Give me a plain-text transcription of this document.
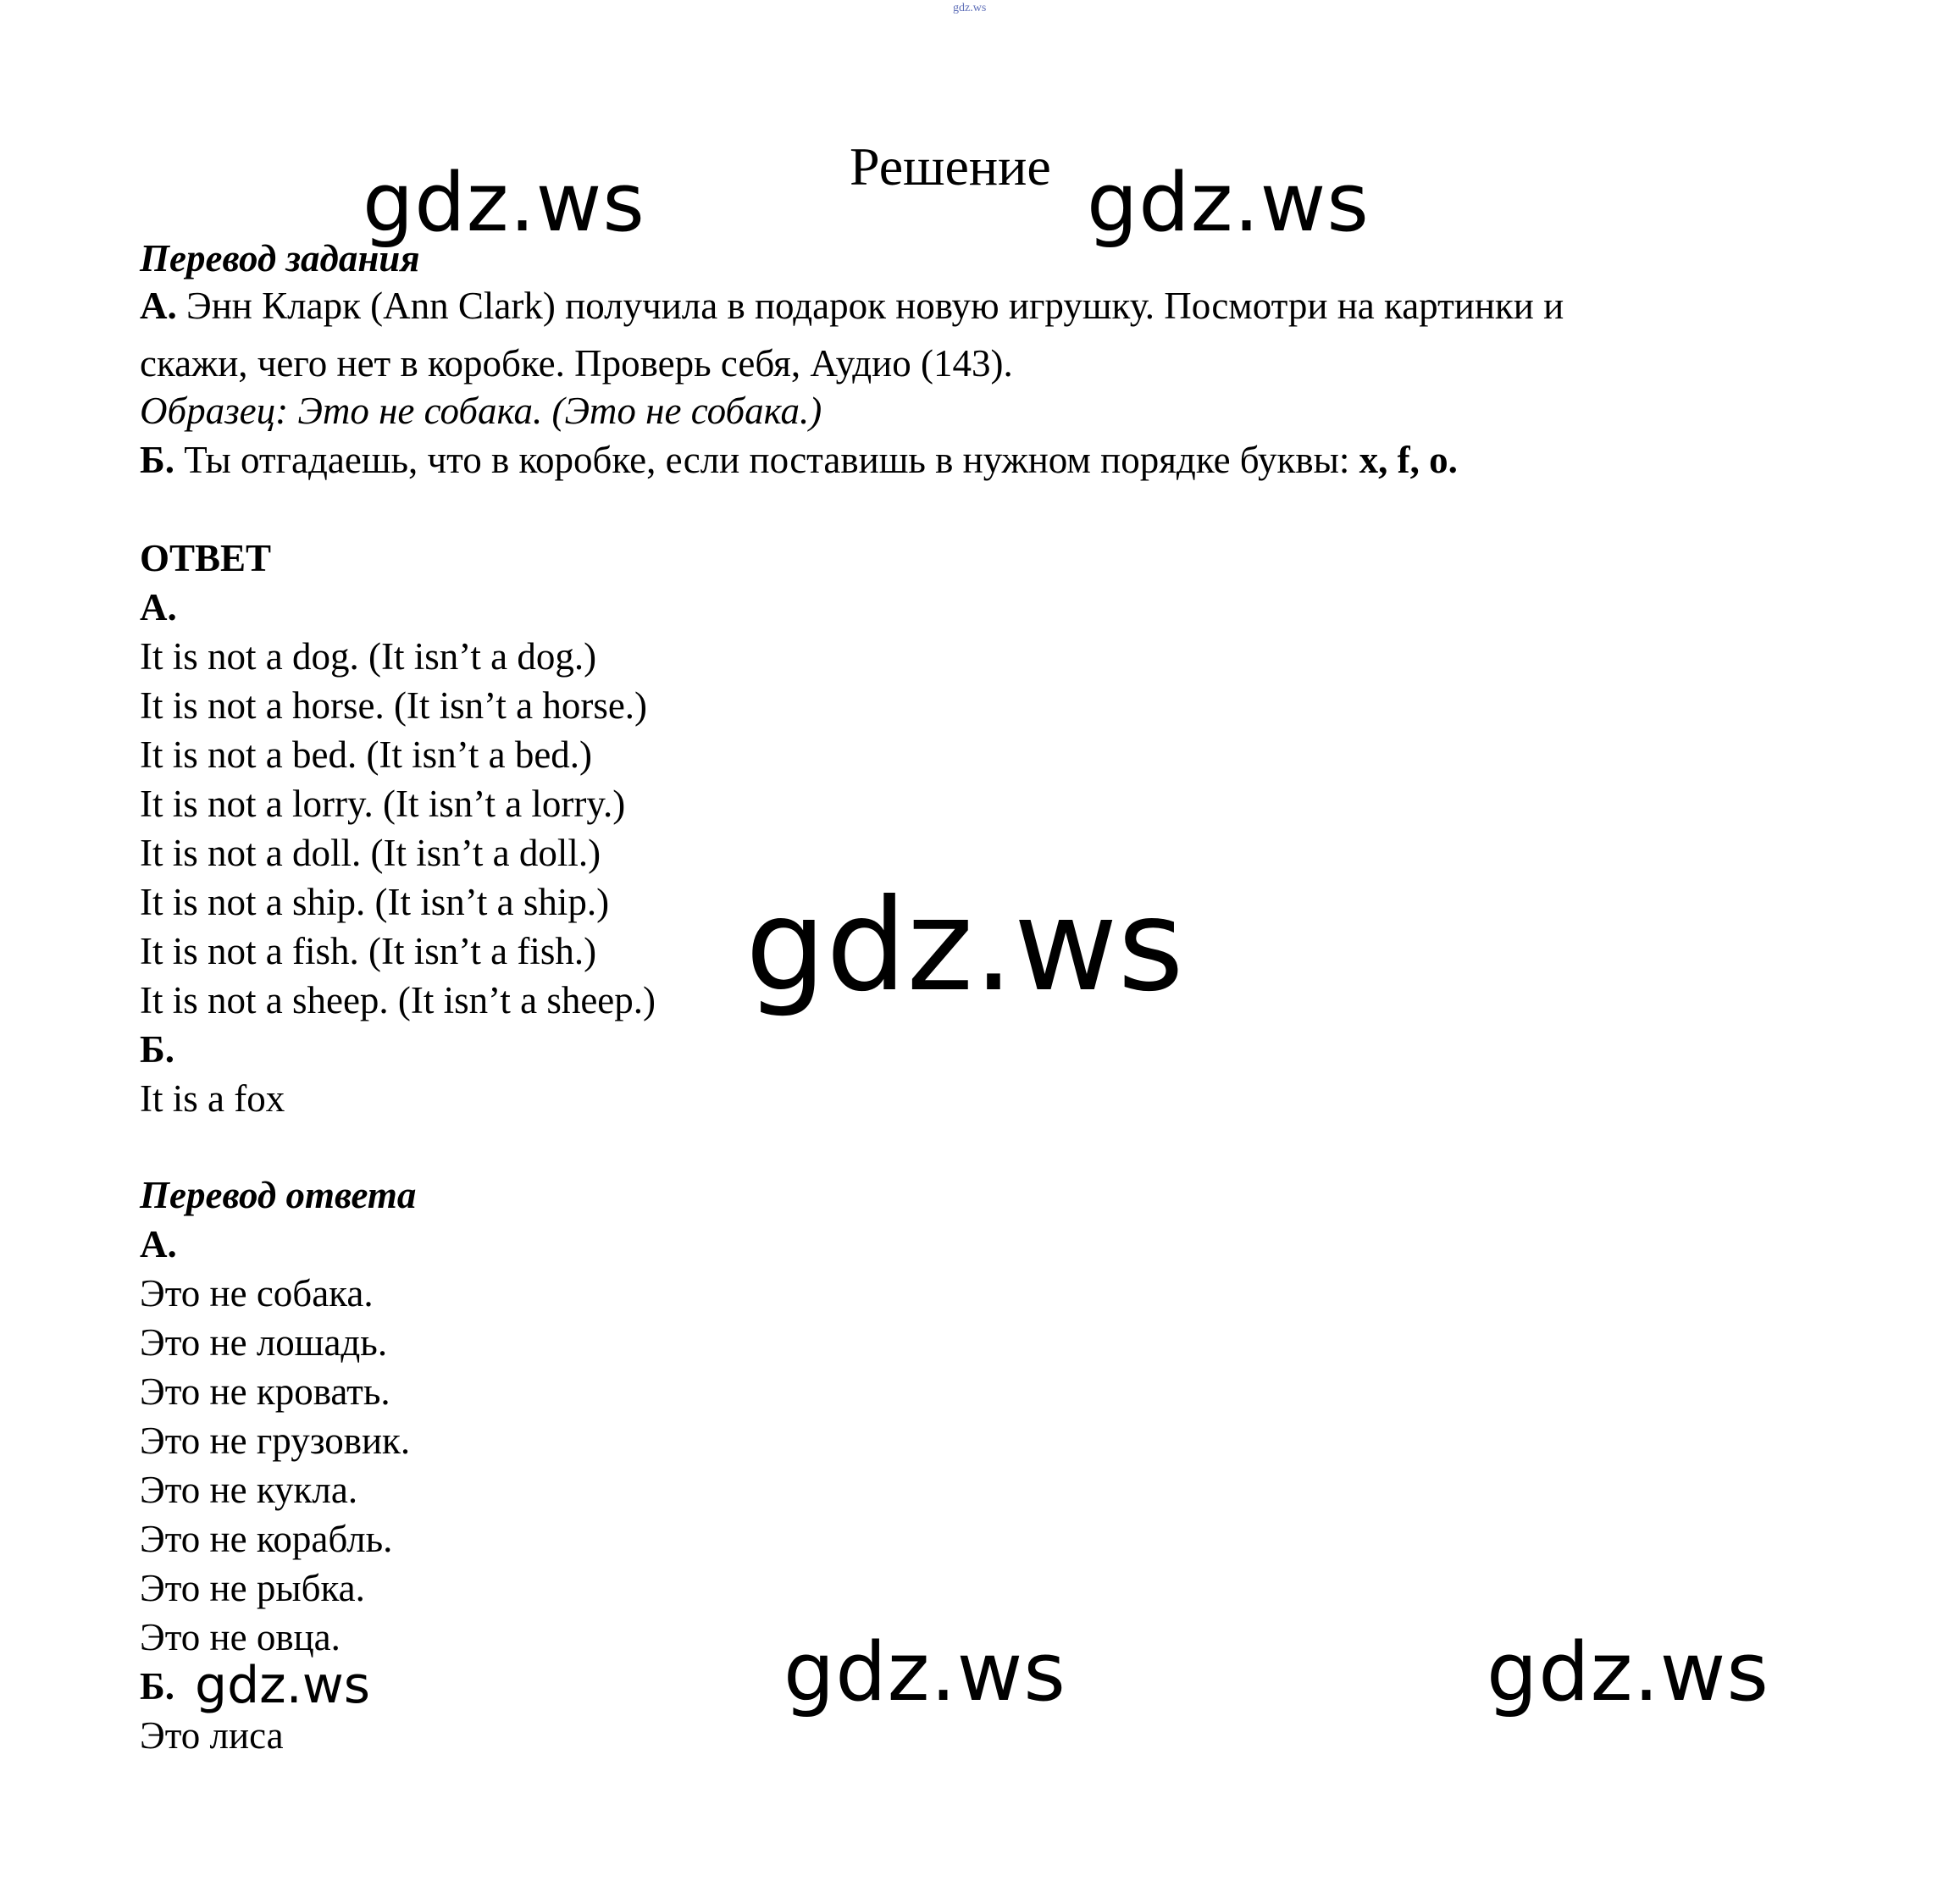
gdz.ws
Решение
gdz.ws	gdz.ws
gdz.ws
gdz.ws	gdz.ws	gdz.ws
Перевод задания
А. Энн Кларк (Ann Clark) получила в подарок новую игрушку. Посмотри на картинки и
скажи, чего нет в коробке. Проверь себя, Аудио (143).
Образец: Это не собака. (Это не собака.)
Б. Ты отгадаешь, что в коробке, если поставишь в нужном порядке буквы: x, f, o.
ОТВЕТ
А.
It is not a dog. (It isn’t a dog.)
It is not a horse. (It isn’t a horse.)
It is not a bed. (It isn’t a bed.)
It is not a lorry. (It isn’t a lorry.)
It is not a doll. (It isn’t a doll.)
It is not a ship. (It isn’t a ship.)
It is not a fish. (It isn’t a fish.)
It is not a sheep. (It isn’t a sheep.)
Б.
It is a fox
Перевод ответа
А.
Это не собака.
Это не лошадь.
Это не кровать.
Это не грузовик.
Это не кукла.
Это не корабль.
Это не рыбка.
Это не овца.
Б.
Это лиса
